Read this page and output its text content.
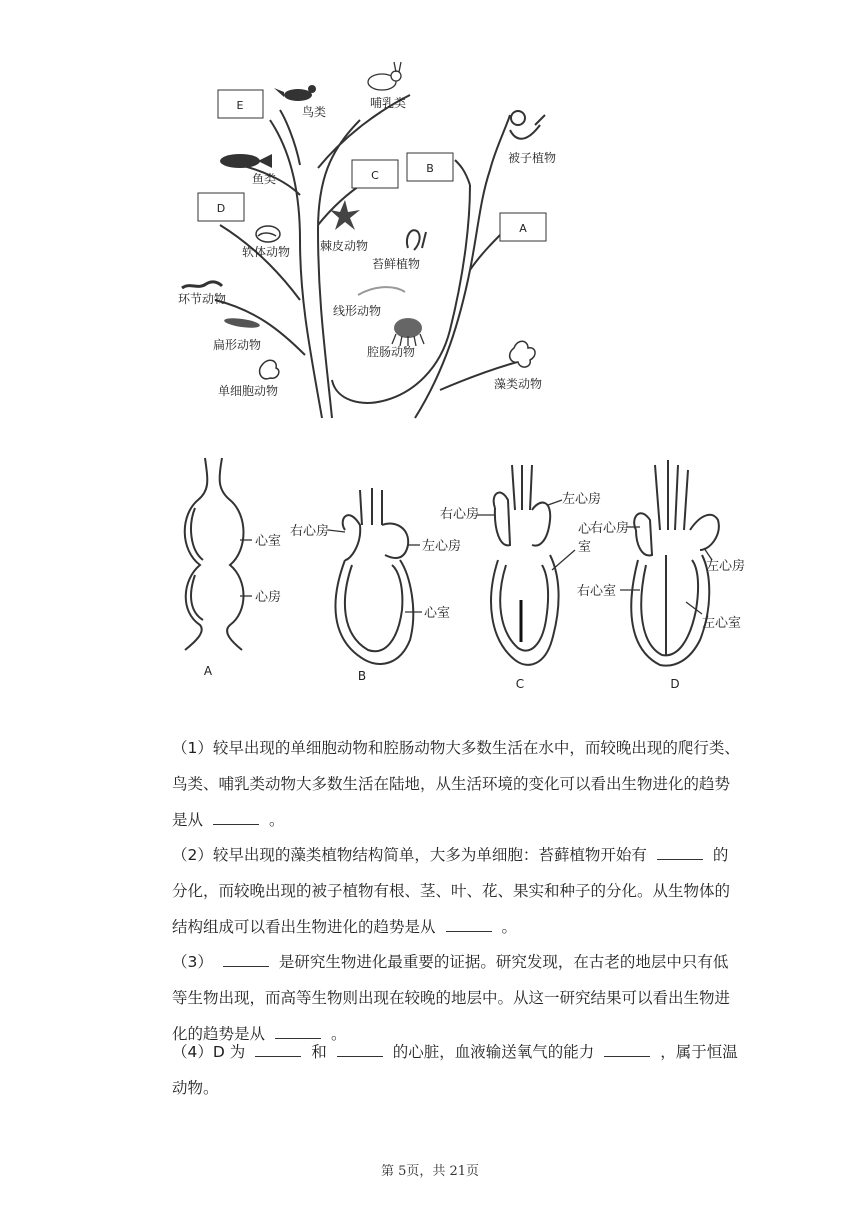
E
C
B
D
A
鸟类
哺乳类
被子植物
鱼类
软体动物 棘皮动物
苔鲜植物
环节动物
线形动物
扁形动物	腔肠动物
单细胞动物	藻类动物
心室
心房
A
右心房
左心房
心室
B
右心房
左心房
心
室
C
右心房
左心房
右心室
左心室
D

（1）较早出现的单细胞动物和腔肠动物大多数生活在水中，而较晚出现的爬行类、

鸟类、哺乳类动物大多数生活在陆地，从生活环境的变化可以看出生物进化的趋势

是从	。

（2）较早出现的藻类植物结构简单，大多为单细胞：苔藓植物开始有	的

分化，而较晚出现的被子植物有根、茎、叶、花、果实和种子的分化。从生物体的

结构组成可以看出生物进化的趋势是从	。

（3）	是研究生物进化最重要的证据。研究发现，在古老的地层中只有低

等生物出现，而高等生物则出现在较晚的地层中。从这一研究结果可以看出生物进

化的趋势是从	。

（4）D 为	和	的心脏，血液输送氧气的能力	，属于恒温

动物。

第 5页，共 21页
